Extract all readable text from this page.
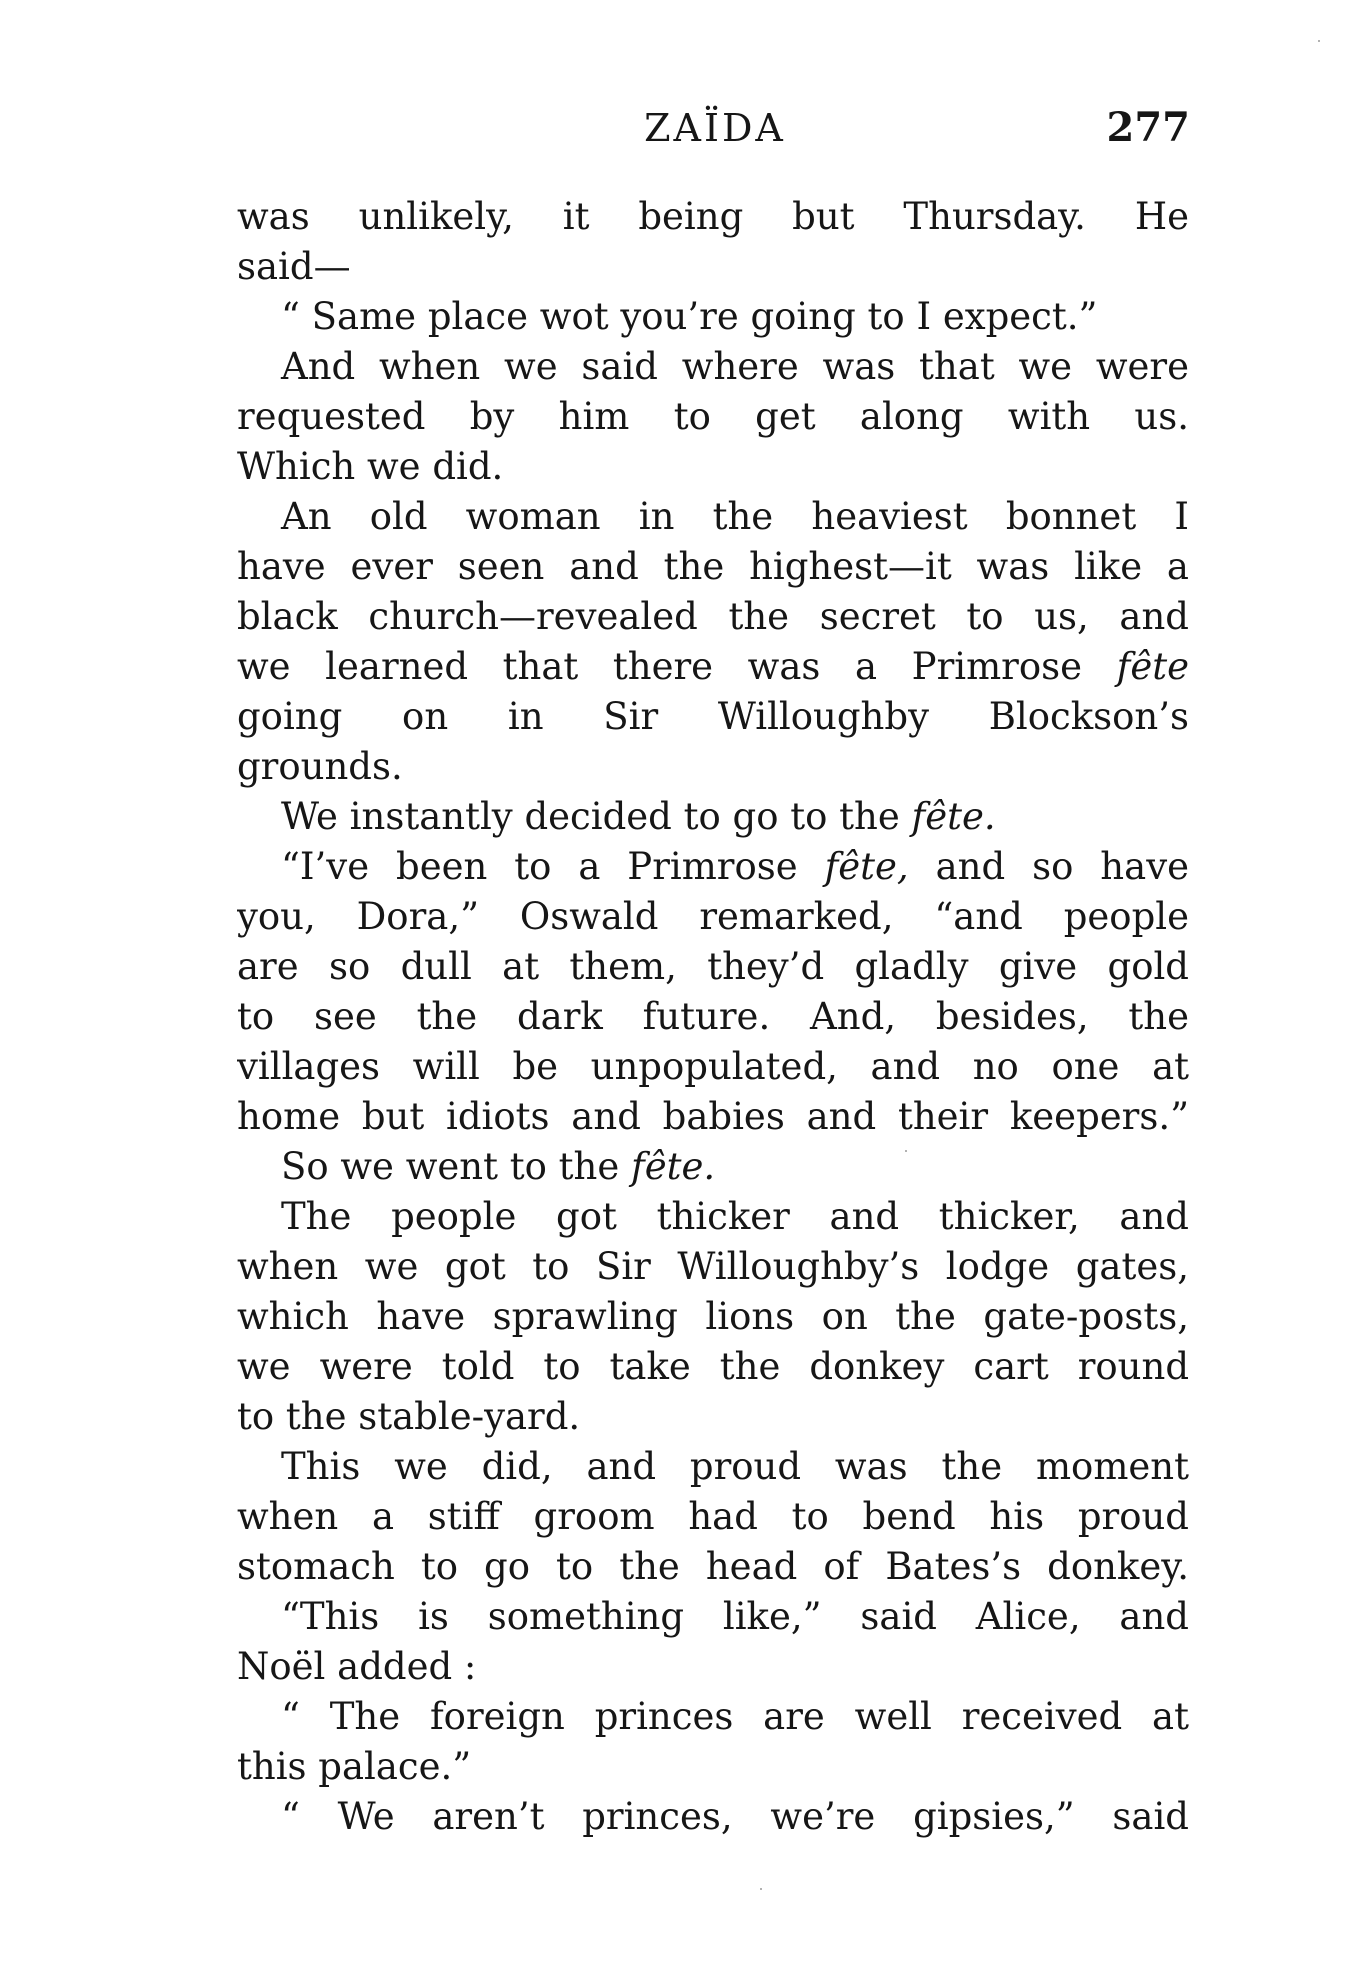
ZAÏDA	277
was unlikely, it being but Thursday. He
said—
“ Same place wot you’re going to I expect.”
And when we said where was that we were
requested by him to get along with us.
Which we did.
An old woman in the heaviest bonnet I
have ever seen and the highest—it was like a
black church—revealed the secret to us, and
we learned that there was a Primrose fête
going on in Sir Willoughby Blockson’s
grounds.
We instantly decided to go to the fête.
“I’ve been to a Primrose fête, and so have
you, Dora,” Oswald remarked, “and people
are so dull at them, they’d gladly give gold
to see the dark future. And, besides, the
villages will be unpopulated, and no one at
home but idiots and babies and their keepers.”
So we went to the fête.
The people got thicker and thicker, and
when we got to Sir Willoughby’s lodge gates,
which have sprawling lions on the gate-posts,
we were told to take the donkey cart round
to the stable-yard.
This we did, and proud was the moment
when a stiff groom had to bend his proud
stomach to go to the head of Bates’s donkey.
“This is something like,” said Alice, and
Noël added :
“ The foreign princes are well received at
this palace.”
“ We aren’t princes, we’re gipsies,” said
